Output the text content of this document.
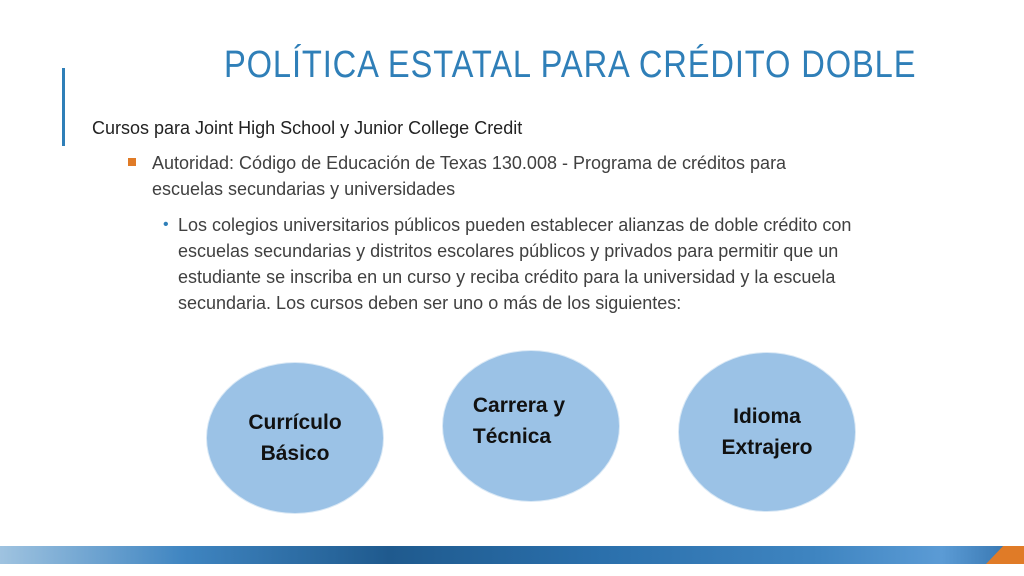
POLÍTICA ESTATAL PARA CRÉDITO DOBLE
Cursos para Joint High School y Junior College Credit
Autoridad: Código de Educación de Texas 130.008 - Programa de créditos para escuelas secundarias y universidades
• Los colegios universitarios públicos pueden establecer alianzas de doble crédito con escuelas secundarias y distritos escolares públicos y privados para permitir que un estudiante se inscriba en un curso y reciba crédito para la universidad y la escuela secundaria. Los cursos deben ser uno o más de los siguientes:
Currículo
Básico
Carrera y
Técnica
Idioma
Extrajero
